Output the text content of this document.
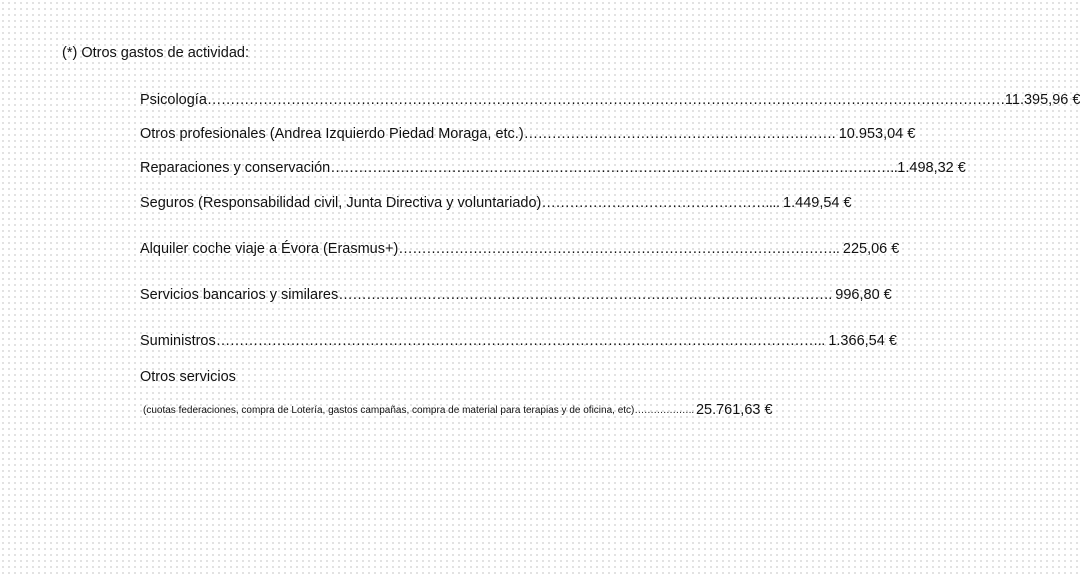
(*) Otros gastos de actividad:
Psicología………………………………………………………………………………………………………………………………………………………11.395,96 €
Otros profesionales (Andrea Izquierdo Piedad Moraga, etc.)…………………………………………………………. 10.953,04 €
Reparaciones y conservación…………………………………………………………………………………………………………..1.498,32 €
Seguros (Responsabilidad civil, Junta Directiva y voluntariado)………………………………………….... 1.449,54 €
Alquiler coche viaje a Évora (Erasmus+)………………………………………………………………………………….. 225,06 €
Servicios bancarios y similares……………………………………………………………………………………………. 996,80 €
Suministros………………………………………………………………………………………………………………….. 1.366,54 €
Otros servicios
(cuotas federaciones, compra de Lotería, gastos campañas, compra de material para terapias y de oficina, etc)………………. 25.761,63 €
